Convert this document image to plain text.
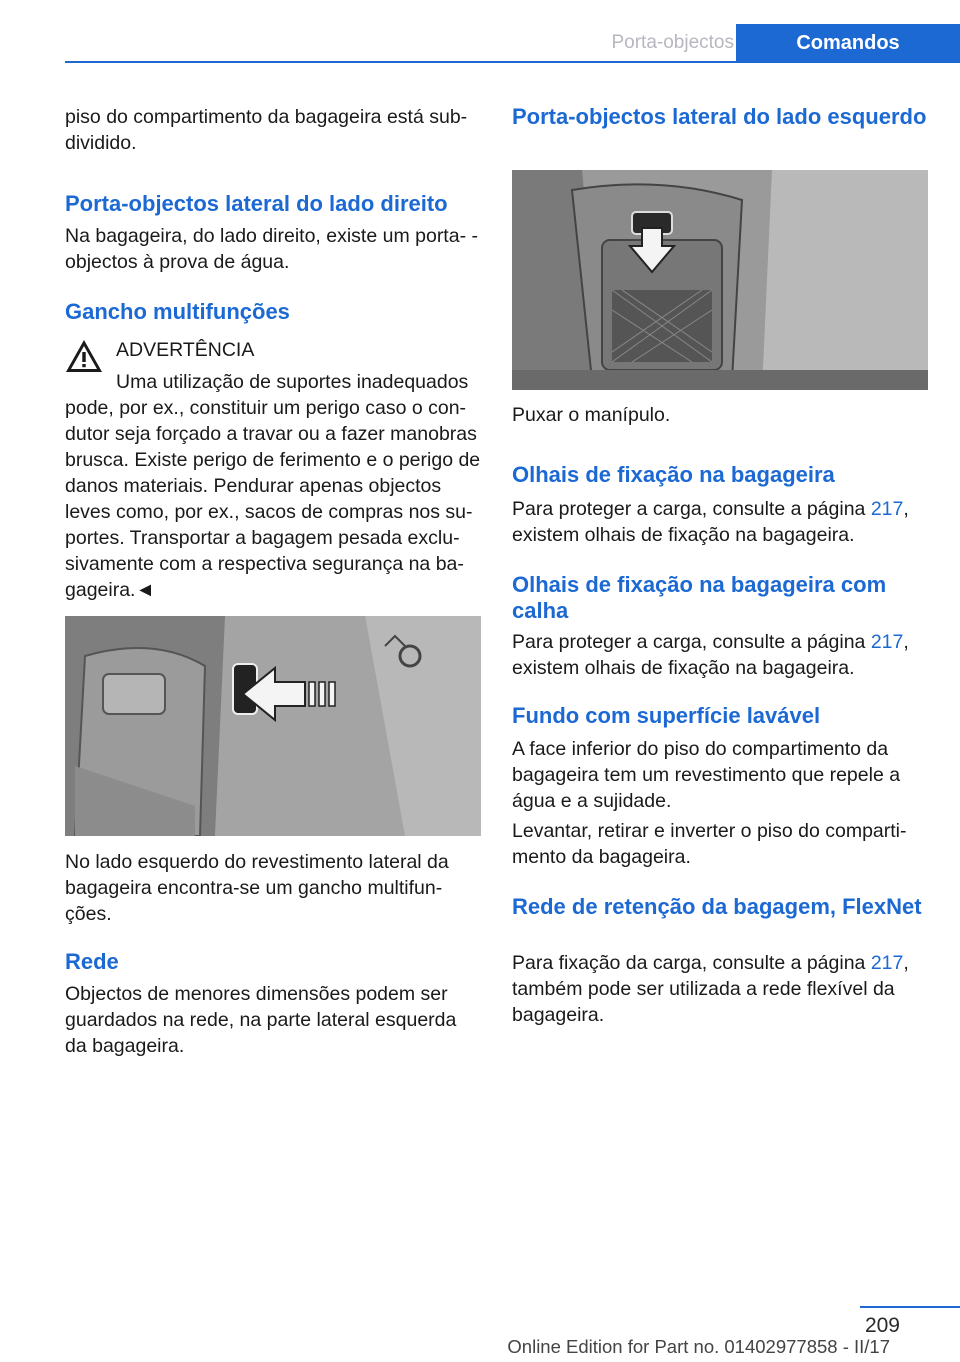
Porta-objectos	Comandos

piso do compartimento da bagageira está sub‐ dividido.

Porta-objectos lateral do lado direito

Na bagageira, do lado direito, existe um porta- -objectos à prova de água.

Gancho multifunções
ADVERTÊNCIA
Uma utilização de suportes inadequados pode, por ex., constituir um perigo caso o con‐ dutor seja forçado a travar ou a fazer manobras brusca. Existe perigo de ferimento e o perigo de danos materiais. Pendurar apenas objectos leves como, por ex., sacos de compras nos su‐ portes. Transportar a bagagem pesada exclu‐ sivamente com a respectiva segurança na ba‐ gageira.◄

No lado esquerdo do revestimento lateral da bagageira encontra-se um gancho multifun‐ ções.

Rede

Objectos de menores dimensões podem ser guardados na rede, na parte lateral esquerda da bagageira.

Porta-objectos lateral do lado esquerdo

Puxar o manípulo.

Olhais de fixação na bagageira

Para proteger a carga, consulte a página 217, existem olhais de fixação na bagageira.

Olhais de fixação na bagageira com calha

Para proteger a carga, consulte a página 217, existem olhais de fixação na bagageira.

Fundo com superfície lavável

A face inferior do piso do compartimento da bagageira tem um revestimento que repele a água e a sujidade.

Levantar, retirar e inverter o piso do comparti‐ mento da bagageira.

Rede de retenção da bagagem, FlexNet

Para fixação da carga, consulte a página 217, também pode ser utilizada a rede flexível da bagageira.

209
Online Edition for Part no. 01402977858 - II/17
